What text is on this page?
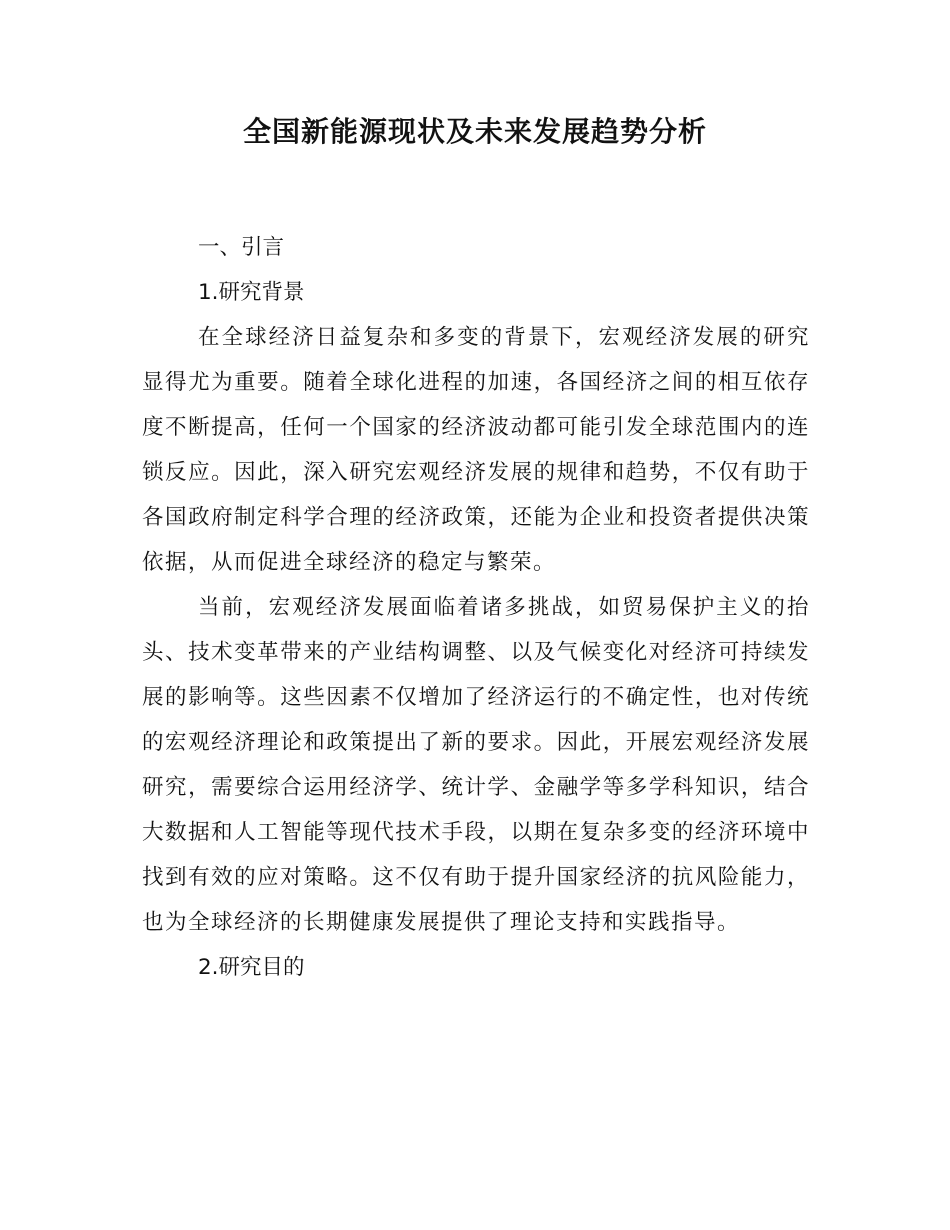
全国新能源现状及未来发展趋势分析

一、引言

1.研究背景

在全球经济日益复杂和多变的背景下，宏观经济发展的研究显得尤为重要。随着全球化进程的加速，各国经济之间的相互依存度不断提高，任何一个国家的经济波动都可能引发全球范围内的连锁反应。因此，深入研究宏观经济发展的规律和趋势，不仅有助于各国政府制定科学合理的经济政策，还能为企业和投资者提供决策依据，从而促进全球经济的稳定与繁荣。

当前，宏观经济发展面临着诸多挑战，如贸易保护主义的抬头、技术变革带来的产业结构调整、以及气候变化对经济可持续发展的影响等。这些因素不仅增加了经济运行的不确定性，也对传统的宏观经济理论和政策提出了新的要求。因此，开展宏观经济发展研究，需要综合运用经济学、统计学、金融学等多学科知识，结合大数据和人工智能等现代技术手段，以期在复杂多变的经济环境中找到有效的应对策略。这不仅有助于提升国家经济的抗风险能力，也为全球经济的长期健康发展提供了理论支持和实践指导。

2.研究目的
